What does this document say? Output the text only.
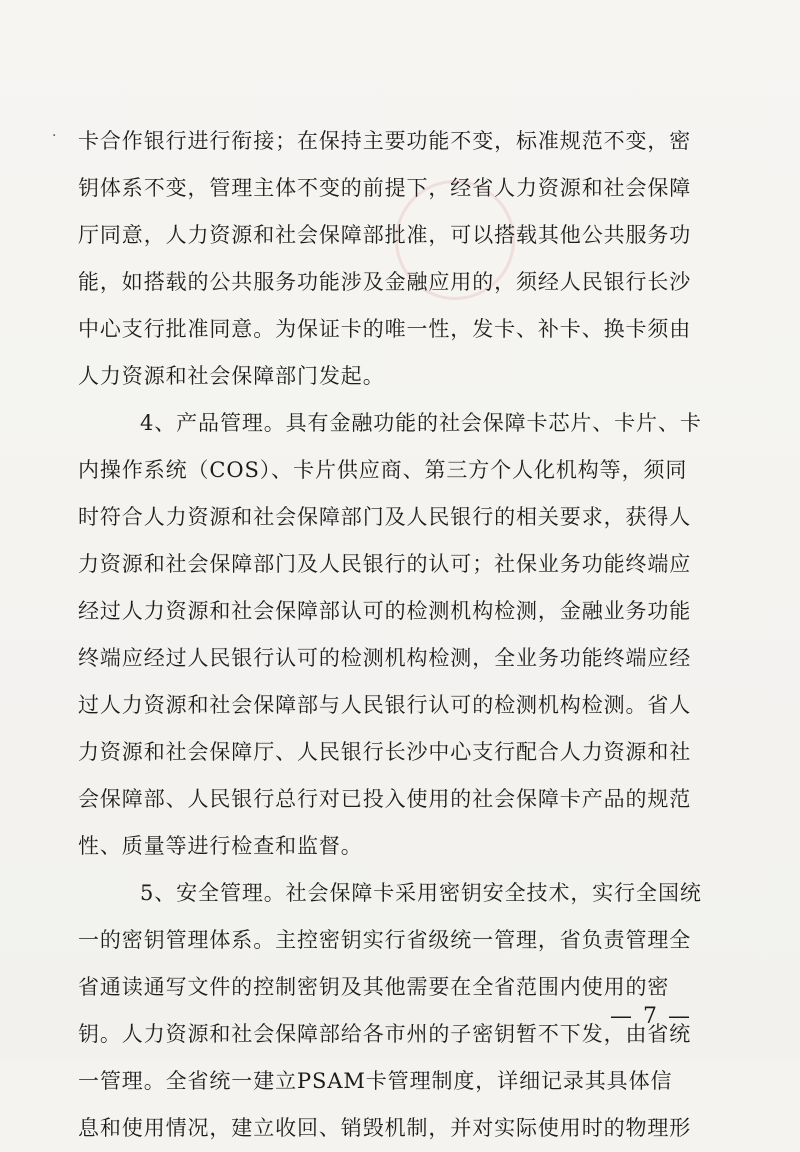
· 卡合作银行进行衔接；在保持主要功能不变，标准规范不变，密
钥体系不变，管理主体不变的前提下，经省人力资源和社会保障
厅同意，人力资源和社会保障部批准，可以搭载其他公共服务功
能，如搭载的公共服务功能涉及金融应用的，须经人民银行长沙
中心支行批准同意。为保证卡的唯一性，发卡、补卡、换卡须由
人力资源和社会保障部门发起。
4、产品管理。具有金融功能的社会保障卡芯片、卡片、卡
内操作系统（COS）、卡片供应商、第三方个人化机构等，须同
时符合人力资源和社会保障部门及人民银行的相关要求，获得人
力资源和社会保障部门及人民银行的认可；社保业务功能终端应
经过人力资源和社会保障部认可的检测机构检测，金融业务功能
终端应经过人民银行认可的检测机构检测，全业务功能终端应经
过人力资源和社会保障部与人民银行认可的检测机构检测。省人
力资源和社会保障厅、人民银行长沙中心支行配合人力资源和社
会保障部、人民银行总行对已投入使用的社会保障卡产品的规范
性、质量等进行检查和监督。
5、安全管理。社会保障卡采用密钥安全技术，实行全国统
一的密钥管理体系。主控密钥实行省级统一管理，省负责管理全
省通读通写文件的控制密钥及其他需要在全省范围内使用的密
钥。人力资源和社会保障部给各市州的子密钥暂不下发，由省统
一管理。全省统一建立PSAM卡管理制度，详细记录其具体信
息和使用情况，建立收回、销毁机制，并对实际使用时的物理形
— 7 —
